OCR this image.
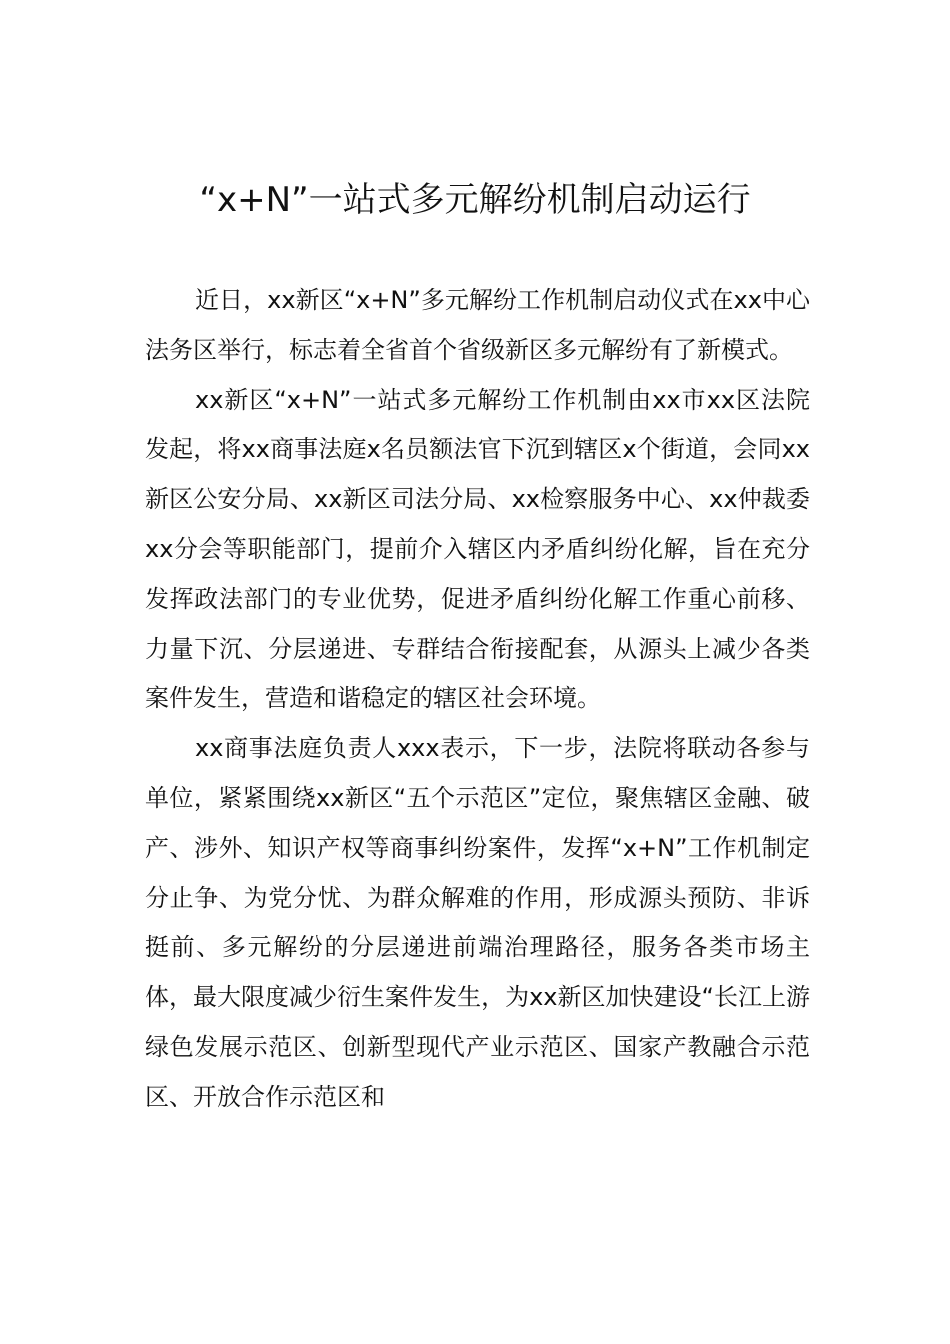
“x+N”一站式多元解纷机制启动运行

近日，xx新区“x+N”多元解纷工作机制启动仪式在xx中心法务区举行，标志着全省首个省级新区多元解纷有了新模式。

xx新区“x+N”一站式多元解纷工作机制由xx市xx区法院发起，将xx商事法庭x名员额法官下沉到辖区x个街道，会同xx新区公安分局、xx新区司法分局、xx检察服务中心、xx仲裁委xx分会等职能部门，提前介入辖区内矛盾纠纷化解，旨在充分发挥政法部门的专业优势，促进矛盾纠纷化解工作重心前移、力量下沉、分层递进、专群结合衔接配套，从源头上减少各类案件发生，营造和谐稳定的辖区社会环境。

xx商事法庭负责人xxx表示，下一步，法院将联动各参与单位，紧紧围绕xx新区“五个示范区”定位，聚焦辖区金融、破产、涉外、知识产权等商事纠纷案件，发挥“x+N”工作机制定分止争、为党分忧、为群众解难的作用，形成源头预防、非诉挺前、多元解纷的分层递进前端治理路径，服务各类市场主体，最大限度减少衍生案件发生，为xx新区加快建设“长江上游绿色发展示范区、创新型现代产业示范区、国家产教融合示范区、开放合作示范区和
